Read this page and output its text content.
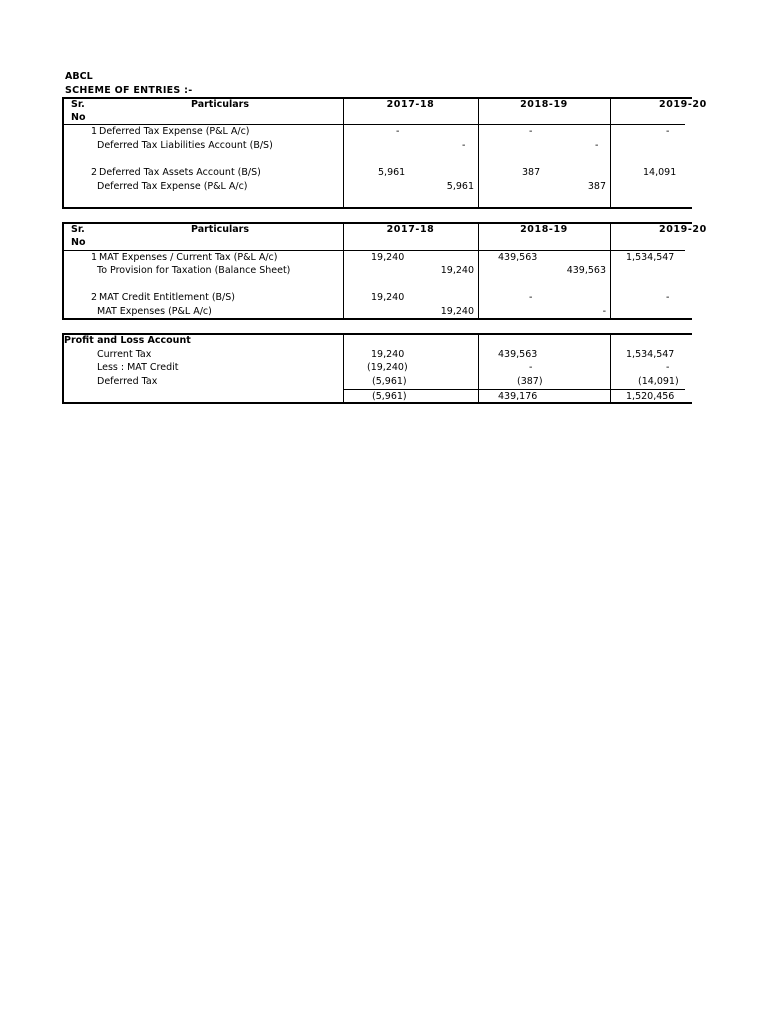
ABCL
SCHEME OF ENTRIES :-
Sr.
No
Particulars	2017-18	2018-19	2019-20
1 Deferred Tax Expense (P&L A/c)	-	-	-
Deferred Tax Liabilities Account (B/S)	-	-
2 Deferred Tax Assets Account (B/S)	5,961	387	14,091
Deferred Tax Expense (P&L A/c)	5,961	387
Sr.
No
Particulars	2017-18	2018-19	2019-20
1 MAT Expenses / Current Tax (P&L A/c)	19,240	439,563	1,534,547
To Provision for Taxation (Balance Sheet)	19,240	439,563
2 MAT Credit Entitlement (B/S)	19,240	-	-
MAT Expenses (P&L A/c)	19,240	-
Profit and Loss Account
Current Tax	19,240	439,563	1,534,547
Less : MAT Credit	(19,240)	-	-
Deferred Tax	(5,961)	(387)	(14,091)
(5,961)	439,176	1,520,456
